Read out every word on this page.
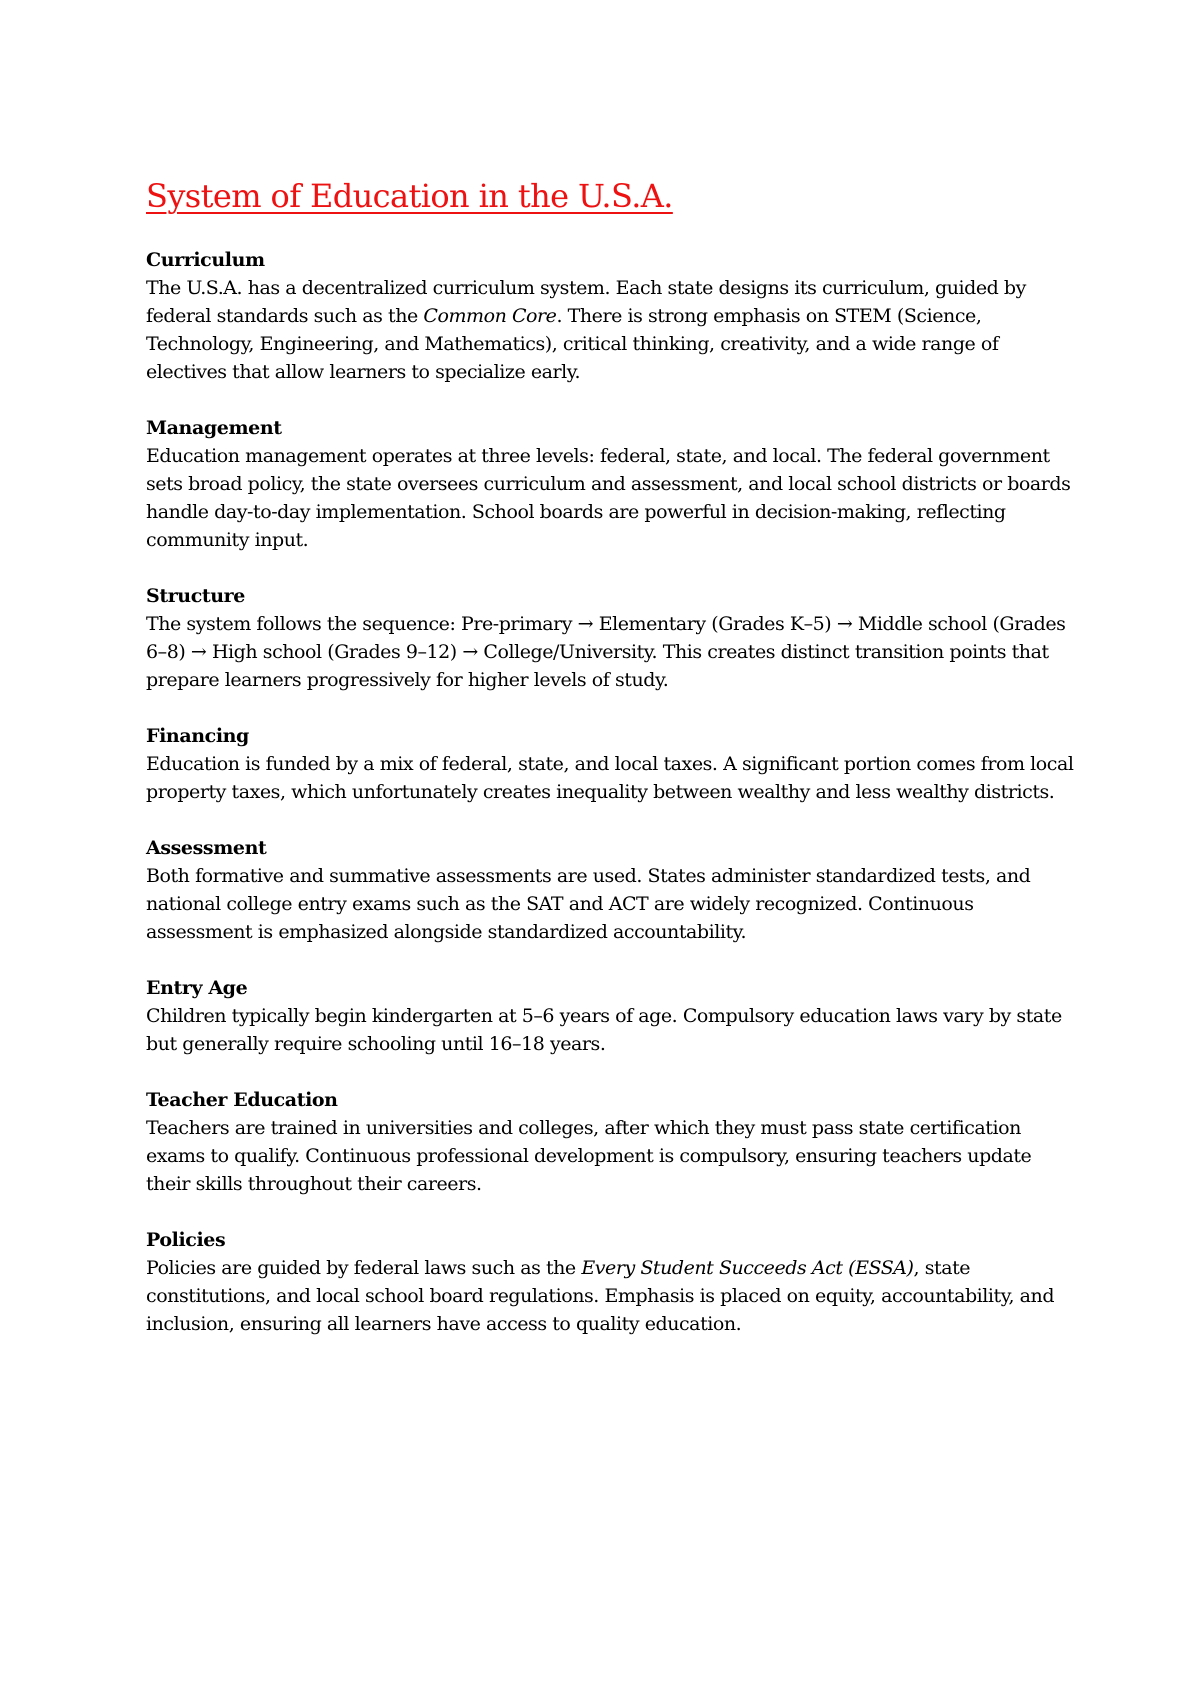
System of Education in the U.S.A.
Curriculum

The U.S.A. has a decentralized curriculum system. Each state designs its curriculum, guided by federal standards such as the Common Core. There is strong emphasis on STEM (Science, Technology, Engineering, and Mathematics), critical thinking, creativity, and a wide range of electives that allow learners to specialize early.

Management

Education management operates at three levels: federal, state, and local. The federal government sets broad policy, the state oversees curriculum and assessment, and local school districts or boards handle day-to-day implementation. School boards are powerful in decision-making, reflecting community input.

Structure

The system follows the sequence: Pre-primary → Elementary (Grades K–5) → Middle school (Grades 6–8) → High school (Grades 9–12) → College/University. This creates distinct transition points that prepare learners progressively for higher levels of study.

Financing

Education is funded by a mix of federal, state, and local taxes. A significant portion comes from local property taxes, which unfortunately creates inequality between wealthy and less wealthy districts.

Assessment

Both formative and summative assessments are used. States administer standardized tests, and national college entry exams such as the SAT and ACT are widely recognized. Continuous assessment is emphasized alongside standardized accountability.

Entry Age

Children typically begin kindergarten at 5–6 years of age. Compulsory education laws vary by state but generally require schooling until 16–18 years.

Teacher Education

Teachers are trained in universities and colleges, after which they must pass state certification exams to qualify. Continuous professional development is compulsory, ensuring teachers update their skills throughout their careers.

Policies

Policies are guided by federal laws such as the Every Student Succeeds Act (ESSA), state constitutions, and local school board regulations. Emphasis is placed on equity, accountability, and inclusion, ensuring all learners have access to quality education.
